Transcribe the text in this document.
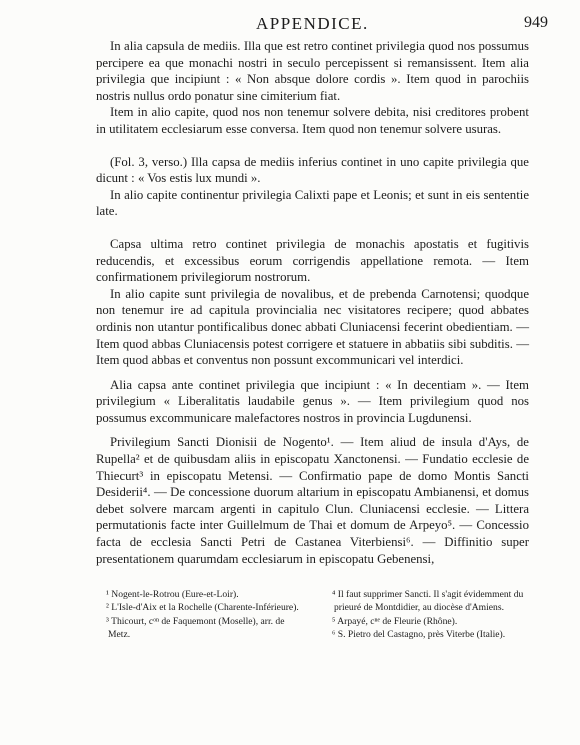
APPENDICE.	949

In alia capsula de mediis. Illa que est retro continet privilegia quod nos possumus percipere ea que monachi nostri in seculo percepissent si remansissent. Item alia privilegia que incipiunt : « Non absque dolore cordis ». Item quod in parochiis nostris nullus ordo ponatur sine cimiterium fiat.

Item in alio capite, quod nos non tenemur solvere debita, nisi creditores probent in utilitatem ecclesiarum esse conversa. Item quod non tenemur solvere usuras.

(Fol. 3, verso.) Illa capsa de mediis inferius continet in uno capite privilegia que dicunt : « Vos estis lux mundi ».

In alio capite continentur privilegia Calixti pape et Leonis; et sunt in eis sententie late.

Capsa ultima retro continet privilegia de monachis apostatis et fugitivis reducendis, et excessibus eorum corrigendis appellatione remota. — Item confirmationem privilegiorum nostrorum.

In alio capite sunt privilegia de novalibus, et de prebenda Carnotensi; quodque non tenemur ire ad capitula provincialia nec visitatores recipere; quod abbates ordinis non utantur pontificalibus donec abbati Cluniacensi fecerint obedientiam. — Item quod abbas Cluniacensis potest corrigere et statuere in abbatiis sibi subditis. — Item quod abbas et conventus non possunt excommunicari vel interdici.

Alia capsa ante continet privilegia que incipiunt : « In decentiam ». — Item privilegium « Liberalitatis laudabile genus ». — Item privilegium quod nos possumus excommunicare malefactores nostros in provincia Lugdunensi.

Privilegium Sancti Dionisii de Nogento¹. — Item aliud de insula d'Ays, de Rupella² et de quibusdam aliis in episcopatu Xanctonensi. — Fundatio ecclesie de Thiecurt³ in episcopatu Metensi. — Confirmatio pape de domo Montis Sancti Desiderii⁴. — De concessione duorum altarium in episcopatu Ambianensi, et domus debet solvere marcam argenti in capitulo Clun. Cluniacensi ecclesie. — Littera permutationis facte inter Guillelmum de Thai et domum de Arpeyo⁵. — Concessio facta de ecclesia Sancti Petri de Castanea Viterbiensi⁶. — Diffinitio super presentationem quarumdam ecclesiarum in episcopatu Gebenensi,

¹ Nogent-le-Rotrou (Eure-et-Loir).

² L'Isle-d'Aix et la Rochelle (Charente-Inférieure).

³ Thicourt, cᵒⁿ de Faquemont (Moselle), arr. de Metz.

⁴ Il faut supprimer Sancti. Il s'agit évidemment du prieuré de Montdidier, au diocèse d'Amiens.

⁵ Arpayé, cⁿᵉ de Fleurie (Rhône).

⁶ S. Pietro del Castagno, près Viterbe (Italie).
